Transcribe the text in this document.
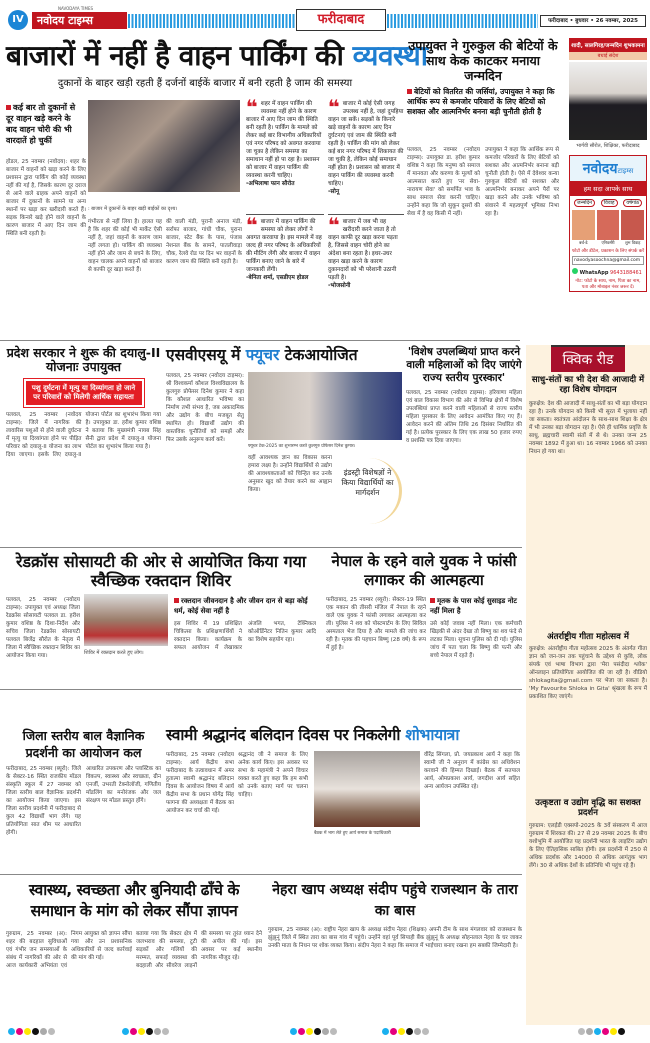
IV
NAVODAYA TIMES
नवोदय टाइम्स	फरीदाबाद	फरीदाबाद • बुधवार • 26 नवम्बर, 2025
बाजारों में नहीं है वाहन पार्किंग की व्यवस्था
दुकानों के बाहर खड़ी रहती हैं दर्जनों बाईकें बाजार में बनी रहती है जाम की समस्या
कई बार तो दुकानों से दूर वाहन खड़े करने के बाद वाहन चोरी की भी वारदातें हो चुकीं
होडल, 25 नवम्बर (नवोदय): शहर के बाजार में वाहनों को खड़ा करने के लिए प्रशासन द्वारा पार्किंग की कोई व्यवस्था नहीं की गई है, जिसके कारण दूर दराज से आने वाले ग्राहक अपने वाहनों को बाजार में दुकानों के सामने या अन्य स्थानों पर खड़ा कर खरीदारी करते हैं। सड़क किनारे खड़े होने वाले वाहनों के कारण बाजार में आए दिन जाम की स्थिति बनी रहती है।
: बाजार में दुकानों के बाहर खड़ी बाईकों का दृश्य।
गंभीरता से नहीं लिया है। हालत यह है कि शहर की कोई भी मार्केट ऐसी नहीं है, जहां वाहनों के कारण जाम नहीं लगता हो। पार्किंग की व्यवस्था नहीं होने और जाम से बचने के लिए, वाहन चालक अपने वाहनों को बाजार से काफी दूर खड़ा करते हैं।
की वाली मंडी, पुरानी अनाज मंडी, सर्राफा बाजार, गांधी चौक, पुराना बाजार, स्टेट बैंक के पास, पंजाब नेशनल बैंक के सामने, पातलीवाड़ा चौक, रेलवे रोड पर दिन भर वाहनों के कारण जाम की स्थिति बनी रहती है।
❝ शहर में वाहन पार्किंग की व्यवस्था नहीं होने के कारण बाजार में आए दिन जाम की स्थिति बनी रहती है। पार्किंग के मामले को लेकर कई बार विभागीय अधिकारियों एवं नगर परिषद को अवगत करवाया जा चुका है लेकिन समस्या का समाधान नहीं हो पा रहा है। प्रशासन को बाजार में वाहन पार्किंग की व्यवस्था करनी चाहिए।
-अभिलाषा फान सौरोत
❝ बाजार में कोई ऐसी जगह उपलब्ध नहीं है, जहां दुपहिया वाहन जा सकें। सड़कों के किनारे खड़े वाहनों के कारण आए दिन दुर्घटनाएं एवं जाम की स्थिति बनी रहती है। पार्किंग की मांग को लेकर कई बार नगर परिषद में शिकायत की जा चुकी है, लेकिन कोई समाधान नहीं होता है। प्रशासन को बाजार में वाहन पार्किंग की व्यवस्था करनी चाहिए।
-सोनू
❝ बाजार में वाहन पार्किंग की समस्या को लेकर लोगों ने अवगत करवाया है। इस मामले में वह जल्द ही नगर परिषद के अधिकारियों की मीटिंग लेंगी और बाजार में वाहन पार्किंग बनाए जाने के बारे में जानकारी लेंगी।
-बेनिता शर्मा, एसडीएम होडल
❝ बाजार में जब भी वह खरीदारी करने जाता है तो वाहन काफी दूर खड़ा करना पड़ता है, जिससे वाहन चोरी होने का अंदेशा बना रहता है। इधर-उधर वाहन खड़ा करने के कारण दुकानदारों को भी परेशानी उठानी पड़ती है।
-भोजसोनी
उपायुक्त ने गुरुकुल की बेटियों के साथ केक काटकर मनाया जन्मदिन
बेटियों को वितरित की जर्सियां, उपायुक्त ने कहा कि आर्थिक रूप से कमजोर परिवारों के लिए बेटियों को सशक्त और आत्मनिर्भर बनना बड़ी चुनौती होती है
पलवल, 25 नवम्बर (नवोदय टाइम्स): उपायुक्त डा. हरीश कुमार वशिष्ठ ने कहा कि मनुष्य को समाज में मानवता और करुणा के मूल्यों को आत्मसात करते हुए 'नर सेवा-नारायण सेवा' को समर्पित भाव के साथ समाज सेवा करनी चाहिए। उन्होंने कहा कि जो सुकून दूसरों की सेवा में है वह किसी में नहीं।
उपायुक्त ने कहा कि आर्थिक रूप से कमजोर परिवारों के लिए बेटियों को सशक्त और आत्मनिर्भर बनाना बड़ी चुनौती होती है। ऐसे में देवेश्वर कन्या गुरुकुल बेटियों को सशक्त और आत्मनिर्भर बनाकर अपने पैरों पर खड़ा करने और उनके भविष्य को संवारने में महत्वपूर्ण भूमिका निभा रहा है।
शादी, सालगिरह/जन्मदिन शुभकामना
बधाई संदेश
भार्गवी सौरोत, शिक्षिका, फरीदाबाद
नवोदयटाइम्स
हम सदा आपके साथ
जन्मदिन	विवाह	वर्षगांठ
बर्थ-डे	एनिवर्सरी	शुभ विवाह
फोटो और डीटेल, प्रकाशन के लिए संपर्क करें
navodyasoochna@gmail.com
WhatsApp 9643188461
नोट: फोटो के साथ, नाम, पिता का नाम, पता और मोबाइल नंबर जरूर दें।
प्रदेश सरकार ने शुरू की दयालु-II योजनाः उपायुक्त
पशु दुर्घटना में मृत्यु या दिव्यांगता हो जाने पर परिवारों को मिलेगी आर्थिक सहायता
पलवल, 25 नवम्बर (नवोदय टाइम्स): जिले में नागरिक की लावारिस पशुओं से होने वाली दुर्घटना में मृत्यु या दिव्यांगता होने पर पीड़ित परिवार को दयालु-II योजना का लाभ दिया जाएगा। इसके लिए दयालु-II योजना पोर्टल का शुभारंभ किया गया है। उपायुक्त डा. हरीश कुमार वशिष्ठ ने बताया कि मुख्यमंत्री नायब सिंह सैनी द्वारा प्रदेश में दयालु-II योजना पोर्टल का शुभारंभ किया गया है।
एसवीएसयू में फ्यूचर टेकआयोजित
पलवल, 25 नवम्बर (नवोदय टाइम्स): श्री विश्वकर्मा कौशल विश्वविद्यालय के कुलगुरु प्रोफेसर दिनेश कुमार ने कहा कि कौशल आधारित भविष्य का निर्माण तभी संभव है, जब अकादमिक और उद्योग के बीच मजबूत सेतु स्थापित हो। विद्यार्थी उद्योग की वास्तविक चुनौतियों को समझें और फिर उसके अनुरूप कार्य करें।
फ्यूचर टेक-2025 का शुभारम्भ करते कुलगुरु प्रोफेसर दिनेश कुमार।
वहीं आवश्यक ज्ञान का विकास करना हमारा लक्ष्य है। उन्होंने विद्यार्थियों से उद्योग की आवश्यकताओं को चिन्हित कर उनके अनुसार खुद को तैयार करने का आह्वान किया।
इंडस्ट्री विशेषज्ञों ने किया विद्यार्थियों का मार्गदर्शन
'विशेष उपलब्धियां प्राप्त करने वाली महिलाओं को दिए जाएंगे राज्य स्तरीय पुरस्कार'
पलवल, 25 नवम्बर (नवोदय टाइम्स): हरियाणा महिला एवं बाल विकास विभाग की ओर से विभिन्न क्षेत्रों में विशेष उपलब्धियां प्राप्त करने वाली महिलाओं से राज्य स्तरीय महिला पुरस्कार के लिए आवेदन आमंत्रित किए गए हैं। आवेदन करने की अंतिम तिथि 26 दिसंबर निर्धारित की गई है। प्रत्येक पुरस्कार के लिए एक लाख 50 हजार रुपए व प्रशस्ति पत्र दिया जाएगा।
क्विक रीड
साधु-संतों का भी देश की आजादी में रहा विशेष योगदान
कुरुक्षेत्र: देश की आजादी में साधु-संतों का भी बड़ा योगदान रहा है। उनके योगदान को किसी भी सूरत में भुलाया नहीं जा सकता। स्वतंत्रता आंदोलन के साथ-साथ शिक्षा के क्षेत्र में भी उनका बड़ा योगदान रहा है। ऐसे ही धार्मिक प्रवृत्ति के साधु, ब्रह्मचारी स्वामी संतों में से थे। उनका जन्म 25 नवम्बर 1892 में हुआ था। 16 नवम्बर 1966 को उनका निधन हो गया था।
अंतर्राष्ट्रीय गीता महोत्सव में
कुरुक्षेत्र: अंतर्राष्ट्रीय गीता महोत्सव 2025 के अंतर्गत गीता ज्ञान को जन-जन तक पहुंचाने के उद्देश्य से कुवि, लोक संपर्क एवं भाषा विभाग द्वारा 'मेरा पसंदीदा श्लोक' ऑनलाइन प्रतियोगिता आयोजित की जा रही है। वीडियो shlokagita@gmail.com पर भेजा जा सकता है। 'My Favourite Shloka in Gita' श्रृंखला के रूप में प्रकाशित किए जाएंगे।
उत्कृष्टता व उद्योग वृद्धि का सशक्त प्रदर्शन
गुरुग्राम: एलईडी एक्सपो-2025 के 3वें संस्करण में आज गुरुग्राम में शिरकत की। 27 से 29 नवम्बर 2025 के बीच यशोभूमि में आयोजित यह प्रदर्शनी भारत के लाइटिंग उद्योग के लिए ऐतिहासिक साबित होगी। इस प्रदर्शनी में 250 से अधिक प्रदर्शक और 14000 से अधिक आगंतुक भाग लेंगे। 30 से अधिक देशों के प्रतिनिधि भी पहुंच रहे हैं।
रेडक्रॉस सोसायटी की ओर से आयोजित किया गया स्वैच्छिक रक्तदान शिविर
पलवल, 25 नवम्बर (नवोदय टाइम्स): उपायुक्त एवं अध्यक्ष जिला रेडक्रॉस सोसायटी पलवल डा. हरीश कुमार वशिष्ठ के दिशा-निर्देश और सचिव जिला रेडक्रॉस सोसायटी पलवल बिजेंद्र सौरोत के नेतृत्व में जिला में स्वैच्छिक रक्तदान शिविर का आयोजन किया गया।	शिविर में रक्तदान करते हुए लोग।
रक्तदान जीवनदान है और जीवन दान से बड़ा कोई धर्म, कोई सेवा नहीं है
इस शिविर में 19 प्रशिक्षित चिकित्सा के प्रशिक्षणार्थियों ने रक्तदान किया। कार्यक्रम के सफल आयोजन में लेखाकार अंजलि भगत, टेक्निकल कोऑर्डिनेटर नितिन कुमार आदि का विशेष सहयोग रहा।
नेपाल के रहने वाले युवक ने फांसी लगाकर की आत्महत्या
फरीदाबाद, 25 नवम्बर (ब्यूरो): सेक्टर-19 स्थित एक मकान की तीसरी मंजिल में नेपाल के रहने वाले एक युवक ने फांसी लगाकर आत्महत्या कर ली। पुलिस ने शव को पोस्टमार्टम के लिए सिविल अस्पताल भेज दिया है और मामले की जांच कर रही है। मृतक की पहचान बिष्णु (28 वर्ष) के रूप में हुई है।
मृतक के पास कोई सुसाइड नोट नहीं मिला है
उसे कोई जवाब नहीं मिला। एक कर्मचारी खिड़की से अंदर देखा तो बिष्णु का शव फंदे से लटका मिला। सूचना पुलिस को दी गई। पुलिस जांच में पता चला कि बिष्णु की पत्नी और बच्चे नेपाल में रहते हैं।
जिला स्तरीय बाल वैज्ञानिक प्रदर्शनी का आयोजन कल
फरीदाबाद, 25 नवम्बर (ब्यूरो): जिले के सेक्टर-16 स्थित राजकीय मॉडल संस्कृति स्कूल में 27 नवम्बर को जिला स्तरीय बाल वैज्ञानिक प्रदर्शनी का आयोजन किया जाएगा। इस जिला स्तरीय प्रदर्शनी में फरीदाबाद से कुल 42 विद्यार्थी भाग लेंगे। यह प्रतियोगिता सात थीम पर आधारित होगी।
आधारित उपकरण और प्लास्टिक का विकल्प, स्वास्थ्य और स्वच्छता, ग्रीन एनर्जी, उभरती टेक्नोलॉजी, गणितीय मॉडलिंग का मनोरंजक और जल संरक्षण पर मॉडल प्रस्तुत होंगे।
स्वामी श्रद्धानंद बलिदान दिवस पर निकलेगी शोभायात्रा
फरीदाबाद, 25 नवम्बर (नवोदय टाइम्स): आर्य केंद्रीय सभा फरीदाबाद के तत्वावधान में अमर हुतात्मा स्वामी श्रद्धानंद बलिदान दिवस के आयोजन विषय में आर्य केंद्रीय सभा के प्रधान योगेंद्र सिंह फागना की अध्यक्षता में बैठक का आयोजन कर चर्चा की गई।
श्रद्धानंद जी ने समाज के लिए अनेक कार्य किए। इस अवसर पर सभा के महामंत्री ने अपने विचार व्यक्त करते हुए कहा कि हम सभी को उनके बताए मार्ग पर चलना चाहिए।
बैठक में भाग लेते हुए आर्य समाज के पदाधिकारी
वीरेंद्र सिंगला, प्रो. जयप्रकाश आर्य ने कहा कि स्वामी जी ने अनुराग में कांग्रेस का अधिवेशन करवाने की हिम्मत दिखाई। बैठक में सतपाल आर्य, ओमप्रकाश आर्य, जगदीश आर्य सहित अन्य आर्यजन उपस्थित रहे।
स्वास्थ्य, स्वच्छता और बुनियादी ढाँचे के समाधान के मांग को लेकर सौंपा ज्ञापन
गुरुग्राम, 25 नवम्बर (अ): शहर की बदहाल सुविधाओं एवं गंभीर जन समस्याओं के संबंध में नागरिकों की ओर से आज कार्यकारी अभियंता एवं निगम आयुक्त को ज्ञापन सौंपा गया और उन प्रशासनिक अधिकारियों से जल्द कार्रवाई की मांग की गई।
बताया गया कि सेक्टर क्षेत्र में जलभराव की समस्या, टूटी सड़कों और गलियों की मरम्मत, सफाई व्यवस्था की बदहाली और सीवरेज लाइनों की समस्या पर तुरंत ध्यान देने की अपील की गई। इस अवसर पर कई स्थानीय नागरिक मौजूद रहे।
नेहरा खाप अध्यक्ष संदीप पहुंचे राजस्थान के तारा का बास
गुरुग्राम, 25 नवम्बर (अ): राष्ट्रीय नेहरा खाप के अध्यक्ष संदीप नेहरा (शिक्षक) अपनी टीम के साथ मंगलवार को राजस्थान के झुंझुनूं जिले में स्थित तारा का बास गांव में पहुंचे। उन्होंने वहां पूर्व सिपाही बैंक झुंझुनूं के अध्यक्ष सोहनलाल नेहरा के घर जाकर उनकी माता के निधन पर शोक व्यक्त किया। संदीप नेहरा ने कहा कि समाज में भाईचारा बनाए रखना हम सबकी जिम्मेदारी है।
